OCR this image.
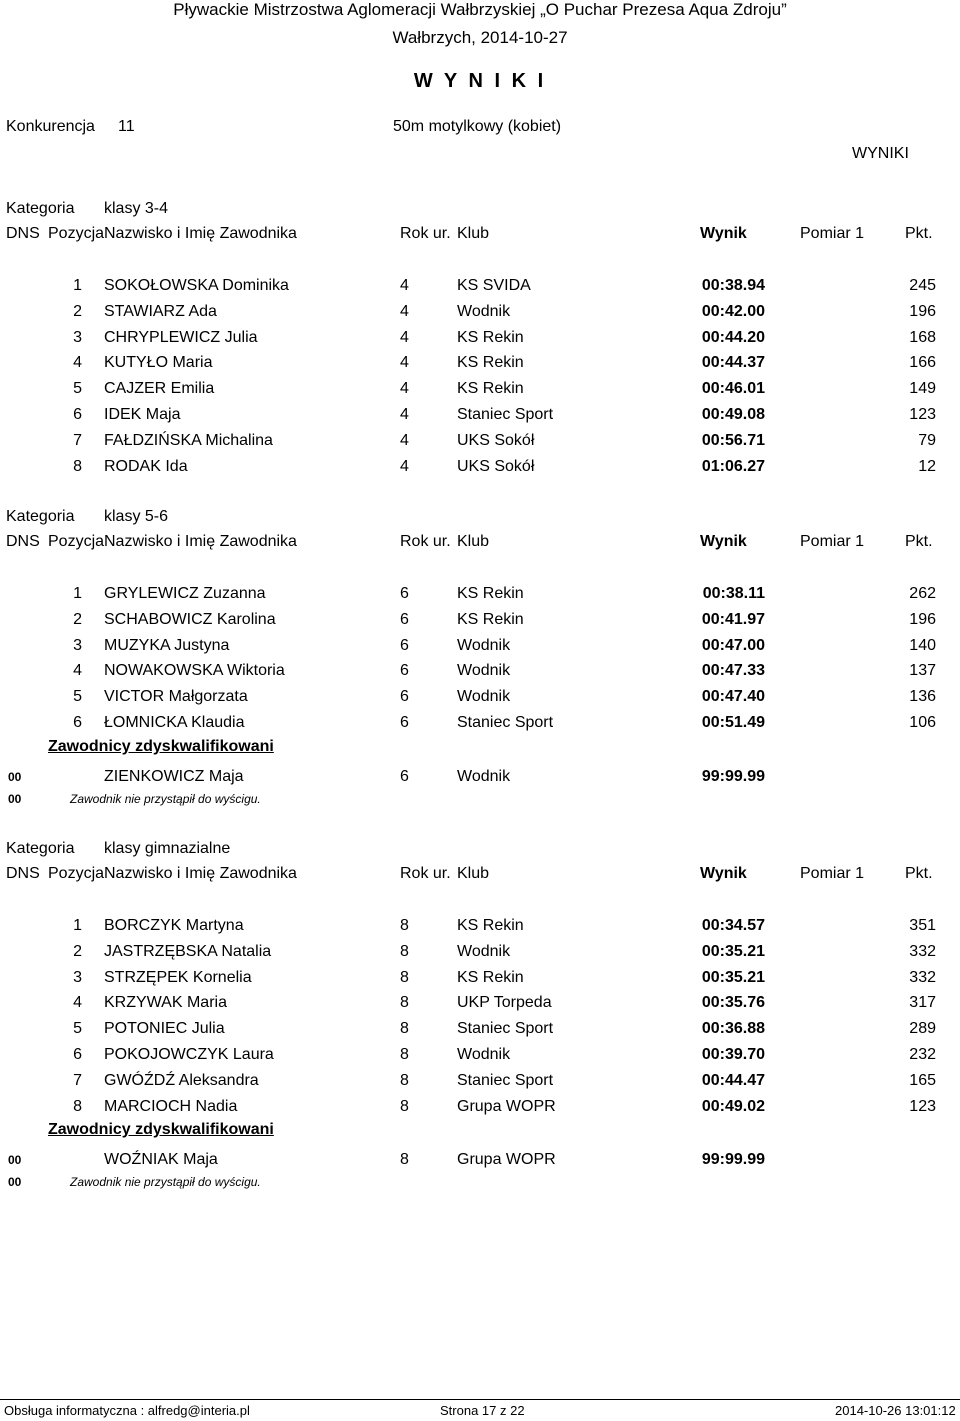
Pływackie Mistrzostwa Aglomeracji Wałbrzyskiej „O Puchar Prezesa Aqua Zdroju”
Wałbrzych, 2014-10-27
W Y N I K I
Konkurencja 11	50m motylkowy (kobiet)
WYNIKI
Kategoria klasy 3-4
DNS Pozycja Nazwisko i Imię Zawodnika	Rok ur. Klub	Wynik	Pomiar 1	Pkt.
1 SOKOŁOWSKA Dominika	4	KS SVIDA	00:38.94	245
2 STAWIARZ Ada	4	Wodnik	00:42.00	196
3 CHRYPLEWICZ Julia	4	KS Rekin	00:44.20	168
4 KUTYŁO Maria	4	KS Rekin	00:44.37	166
5 CAJZER Emilia	4	KS Rekin	00:46.01	149
6 IDEK Maja	4	Staniec Sport	00:49.08	123
7 FAŁDZIŃSKA Michalina	4	UKS Sokół	00:56.71	79
8 RODAK Ida	4	UKS Sokół	01:06.27	12
Kategoria klasy 5-6
DNS Pozycja Nazwisko i Imię Zawodnika	Rok ur. Klub	Wynik	Pomiar 1	Pkt.
1 GRYLEWICZ Zuzanna	6	KS Rekin	00:38.11	262
2 SCHABOWICZ Karolina	6	KS Rekin	00:41.97	196
3 MUZYKA Justyna	6	Wodnik	00:47.00	140
4 NOWAKOWSKA Wiktoria	6	Wodnik	00:47.33	137
5 VICTOR Małgorzata	6	Wodnik	00:47.40	136
6 ŁOMNICKA Klaudia	6	Staniec Sport	00:51.49	106
Zawodnicy zdyskwalifikowani
00	ZIENKOWICZ Maja	6	Wodnik	99:99.99
00	Zawodnik nie przystąpił do wyścigu.
Kategoria klasy gimnazialne
DNS Pozycja Nazwisko i Imię Zawodnika	Rok ur. Klub	Wynik	Pomiar 1	Pkt.
1 BORCZYK Martyna	8	KS Rekin	00:34.57	351
2 JASTRZĘBSKA Natalia	8	Wodnik	00:35.21	332
3 STRZĘPEK Kornelia	8	KS Rekin	00:35.21	332
4 KRZYWAK Maria	8	UKP Torpeda	00:35.76	317
5 POTONIEC Julia	8	Staniec Sport	00:36.88	289
6 POKOJOWCZYK Laura	8	Wodnik	00:39.70	232
7 GWÓŹDŹ Aleksandra	8	Staniec Sport	00:44.47	165
8 MARCIOCH Nadia	8	Grupa WOPR	00:49.02	123
Zawodnicy zdyskwalifikowani
00	WOŹNIAK Maja	8	Grupa WOPR	99:99.99
00	Zawodnik nie przystąpił do wyścigu.
Obsługa informatyczna : alfredg@interia.pl	Strona 17 z 22	2014-10-26 13:01:12
